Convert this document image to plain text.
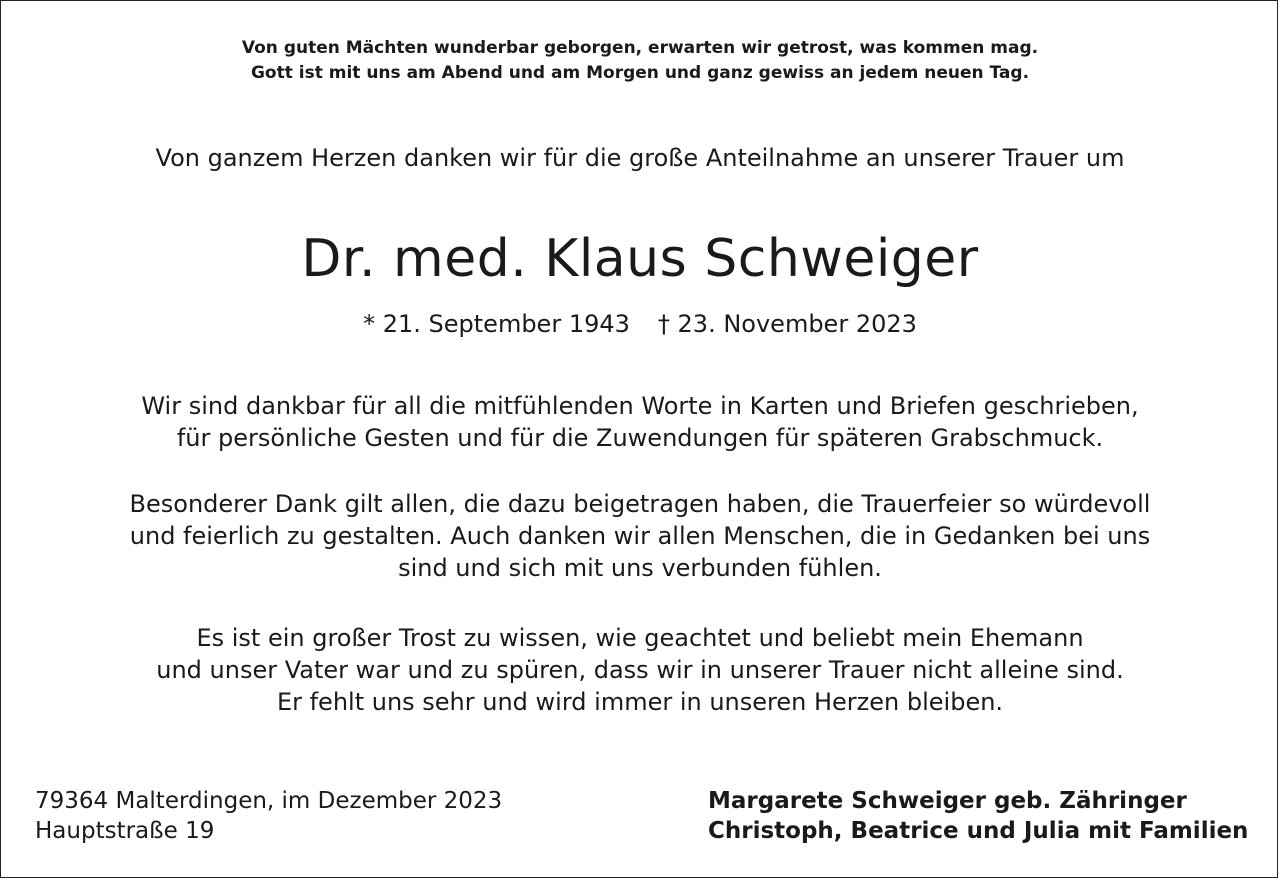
Von guten Mächten wunderbar geborgen, erwarten wir getrost, was kommen mag.
Gott ist mit uns am Abend und am Morgen und ganz gewiss an jedem neuen Tag.
Von ganzem Herzen danken wir für die große Anteilnahme an unserer Trauer um
Dr. med. Klaus Schweiger
* 21. September 1943 † 23. November 2023
Wir sind dankbar für all die mitfühlenden Worte in Karten und Briefen geschrieben,
für persönliche Gesten und für die Zuwendungen für späteren Grabschmuck.
Besonderer Dank gilt allen, die dazu beigetragen haben, die Trauerfeier so würdevoll
und feierlich zu gestalten. Auch danken wir allen Menschen, die in Gedanken bei uns
sind und sich mit uns verbunden fühlen.
Es ist ein großer Trost zu wissen, wie geachtet und beliebt mein Ehemann
und unser Vater war und zu spüren, dass wir in unserer Trauer nicht alleine sind.
Er fehlt uns sehr und wird immer in unseren Herzen bleiben.
79364 Malterdingen, im Dezember 2023
Hauptstraße 19
Margarete Schweiger geb. Zähringer
Christoph, Beatrice und Julia mit Familien
